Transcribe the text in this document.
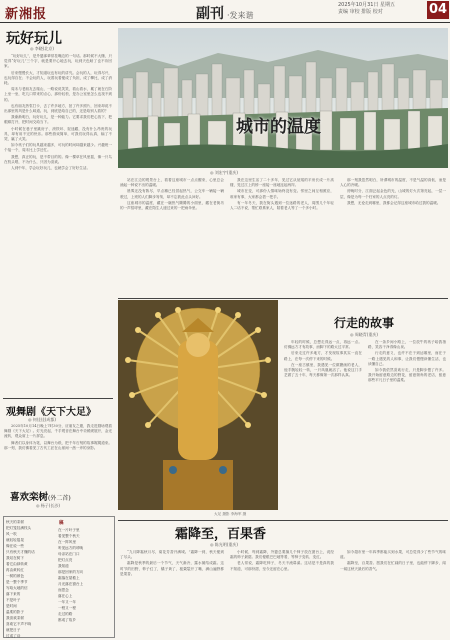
新湘报	副刊 ·发来谐
2025年10月31日 星期五
责编 审校 排版 校对	04
玩好玩儿
◎ 李晓(北京)

“玩好玩儿”，是外婆那辈常挂嘴边的一句话。那时候不大懂，只觉得“好玩儿”三个字，就是要开心地去玩，玩到天色暗了也不肯回家。

后来慢慢长大，才知道玩也有玩的讲究。会玩的人，玩得尽兴，也玩得自在；不会玩的人，玩着玩着便成了负担，成了攀比，成了消耗。

周末与老朋友去爬山，一路说说笑笑，看山看水，累了就在石阶上坐一坐，吃几口带来的点心，那份轻松，是办公室里怎么也找不到的。

也有朋友热衷打卡，去了许多地方，拍了许多照片，回来却说不出那里的风是什么味道。玩，到底是给自己的，还是给别人看的？

我渐渐明白，玩好玩儿，是一种能力。它要求我们把心放下，把眼睛打开，把时间交给当下。

小时候在巷子里跳房子、滚铁环、捉迷藏，没有什么昂贵的玩具，却有用不完的快乐。那些游戏简单，可我们玩得认真，输了不哭，赢了大笑。

如今孩子们的玩具越来越多，可玩的时间却越来越少。兴趣班一个接一个，周末比上学还忙。

我想，真正的玩，是不带目的的。像一棵草在风里摇，像一只鸟在枝头唱，不为什么，只因为喜欢。

人到中年，学会玩好玩儿，也就学会了好好生活。

观舞剧《天下大足》
◎ 何佳佳(成都)

2025年10月14日晚上7时30分，应朋友之邀，我走进剧场观看舞剧《天下大足》。灯光亮起，千手观音在舞台中央缓缓展开，金光流转，观众席上一片屏息。

舞者们以身体为笔，以舞台为纸，把千年石刻的故事娓娓道来。那一刻，我仿佛看见了古代工匠在山崖间一凿一斧的身影。

喜欢栾树(外二首)
◎ 杨子(长沙)
秋天的栾树
把灯笼挂满枝头
风一吹
就轻轻摇晃
像在说一些
只有秋天才懂的话
我站在树下
看它由绿转黄
再由黄转红
一树的颜色
是一整个季节
写给大地的信
落下来的
不是叶子
是时间
温柔的影子
我喜欢栾树
喜欢它不声不响
就把日子
过成了诗
稿
在一片叶子里
看见整个秋天
在一阵风里
听见远方的呼唤
母亲站在门口
把灯点亮
我知道
那是回家的方向
霜落在屋檐上
月光落在窗台上
而思念
落在心上
一年又一年
一程又一程
走过的路
都成了故乡
城市的温度
◎ 刘宏宇(重庆)

站在江边的观景台上，看着这座城市一点点醒来，心里总会涌起一种说不出的温暖。

晨雾还没有散尽，早点摊已经冒起热气，公交车一辆接一辆驶过，上班的人们脚步匆匆，却不忘彼此点头问好。

这座城市的温度，藏在一碗热气腾腾的小面里，藏在老街坊的一声招呼里，藏在陌生人递过来的一把雨伞里。

我在这里生活了二十多年，见过它从低矮的平房长成一片高楼，见过江上的桥一座接一座地连起两岸。

城市在变，可那份人情味始终没有变。邻里之间互相照应，谁家有事，大家都会搭一把手。

有一年冬天，我在街头遇到一位迷路的老人，周围几个年轻人二话不说，帮忙联系家人，陪着老人等了一个多小时。

那一刻我忽然明白，所谓城市的温度，不是气温的高低，而是人心的冷暖。

傍晚时分，江面泛起金色的光，山城的灯火次第亮起，一层一层，像是为每一个归家的人点亮的灯。

我想，无论走到哪里，我都会记得这座城市给过我的温暖。

大足 摄影 李海军 摄
行走的故事
◎ 周晓青(重庆)

年轻的时候，总想走得远一点，再远一点。仿佛远方才有故事，而脚下的路太过平常。

后来走过许多地方，才发现故事其实一直在路上，在每一次停下来的时候。

在一座古镇里，我遇见一位做糖画的老人，他手腕轻轻一转，一只凤凰就活了。他说这门手艺做了五十年，每天都像第一次那样认真。

在一条乡间小路上，一位放牛的孩子给我指路，笑容干净得像山泉。

行走的意义，也许不在于到达哪里，而在于一路上遇见的人和事，让我们慢慢读懂生活，也读懂自己。

如今我依然喜欢行走，只是脚步慢了许多。我开始留意路边的野花，留意街角的老店，留意那些平凡日子里的温柔。

霜降至，百果香
◎ 陈光明(重庆)

“九月降霜秋月尽，菊花芳香开满城。”霜降一到，秋天便到了尽头。

霜降是秋季的最后一个节气，天气渐冷，露水凝结成霜。这时节的田野，柿子红了，橘子黄了，板栗裂开了嘴，满山遍野都是果香。

小时候，每到霜降，外婆总要摘几个柿子放在窗台上，说经霜的柿子最甜。我们便眼巴巴地等着，等柿子变软、变红。

老人常说，霜降吃柿子，冬天不流鼻涕。这话是不是真的我不知道，可那份甜，至今还留在心里。

如今超市里一年四季都能买到水果，可总觉得少了些节气的味道。

霜降至，百果香。愿我们在忙碌的日子里，也能停下脚步，闻一闻这秋天最后的香气。
